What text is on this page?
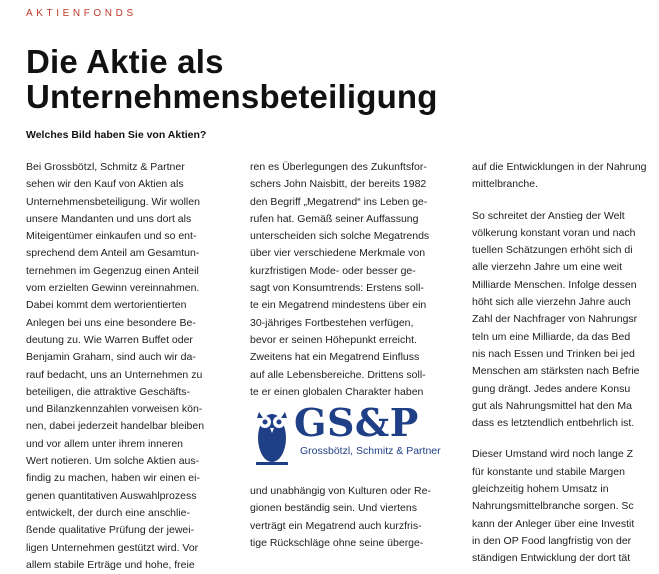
AKTIENFONDS
Die Aktie als
Unternehmensbeteiligung
Welches Bild haben Sie von Aktien?
Bei Grossbötzl, Schmitz & Partner
sehen wir den Kauf von Aktien als
Unternehmensbeteiligung. Wir wollen
unsere Mandanten und uns dort als
Miteigentümer einkaufen und so ent-
sprechend dem Anteil am Gesamtun-
ternehmen im Gegenzug einen Anteil
vom erzielten Gewinn vereinnahmen.
Dabei kommt dem wertorientierten
Anlegen bei uns eine besondere Be-
deutung zu. Wie Warren Buffet oder
Benjamin Graham, sind auch wir da-
rauf bedacht, uns an Unternehmen zu
beteiligen, die attraktive Geschäfts-
und Bilanzkennzahlen vorweisen kön-
nen, dabei jederzeit handelbar bleiben
und vor allem unter ihrem inneren
Wert notieren. Um solche Aktien aus-
findig zu machen, haben wir einen ei-
genen quantitativen Auswahlprozess
entwickelt, der durch eine anschlie-
ßende qualitative Prüfung der jewei-
ligen Unternehmen gestützt wird. Vor
allem stabile Erträge und hohe, freie
ren es Überlegungen des Zukunftsfor-
schers John Naisbitt, der bereits 1982
den Begriff „Megatrend“ ins Leben ge-
rufen hat. Gemäß seiner Auffassung
unterscheiden sich solche Megatrends
über vier verschiedene Merkmale von
kurzfristigen Mode- oder besser ge-
sagt von Konsumtrends: Erstens soll-
te ein Megatrend mindestens über ein
30-jähriges Fortbestehen verfügen,
bevor er seinen Höhepunkt erreicht.
Zweitens hat ein Megatrend Einfluss
auf alle Lebensbereiche. Drittens soll-
te er einen globalen Charakter haben
GS&P
Grossbötzl, Schmitz & Partner
und unabhängig von Kulturen oder Re-
gionen beständig sein. Und viertens
verträgt ein Megatrend auch kurzfris-
tige Rückschläge ohne seine überge-
auf die Entwicklungen in der Nahrung
mittelbranche.
So schreitet der Anstieg der Welt
völkerung konstant voran und nach
tuellen Schätzungen erhöht sich di
alle vierzehn Jahre um eine weit
Milliarde Menschen. Infolge dessen
höht sich alle vierzehn Jahre auch
Zahl der Nachfrager von Nahrungsr
teln um eine Milliarde, da das Bed
nis nach Essen und Trinken bei jed
Menschen am stärksten nach Befrie
gung drängt. Jedes andere Konsu
gut als Nahrungsmittel hat den Ma
dass es letztendlich entbehrlich ist.
Dieser Umstand wird noch lange Z
für konstante und stabile Margen
gleichzeitig hohem Umsatz in
Nahrungsmittelbranche sorgen. Sc
kann der Anleger über eine Investit
in den OP Food langfristig von der
ständigen Entwicklung der dort tät
